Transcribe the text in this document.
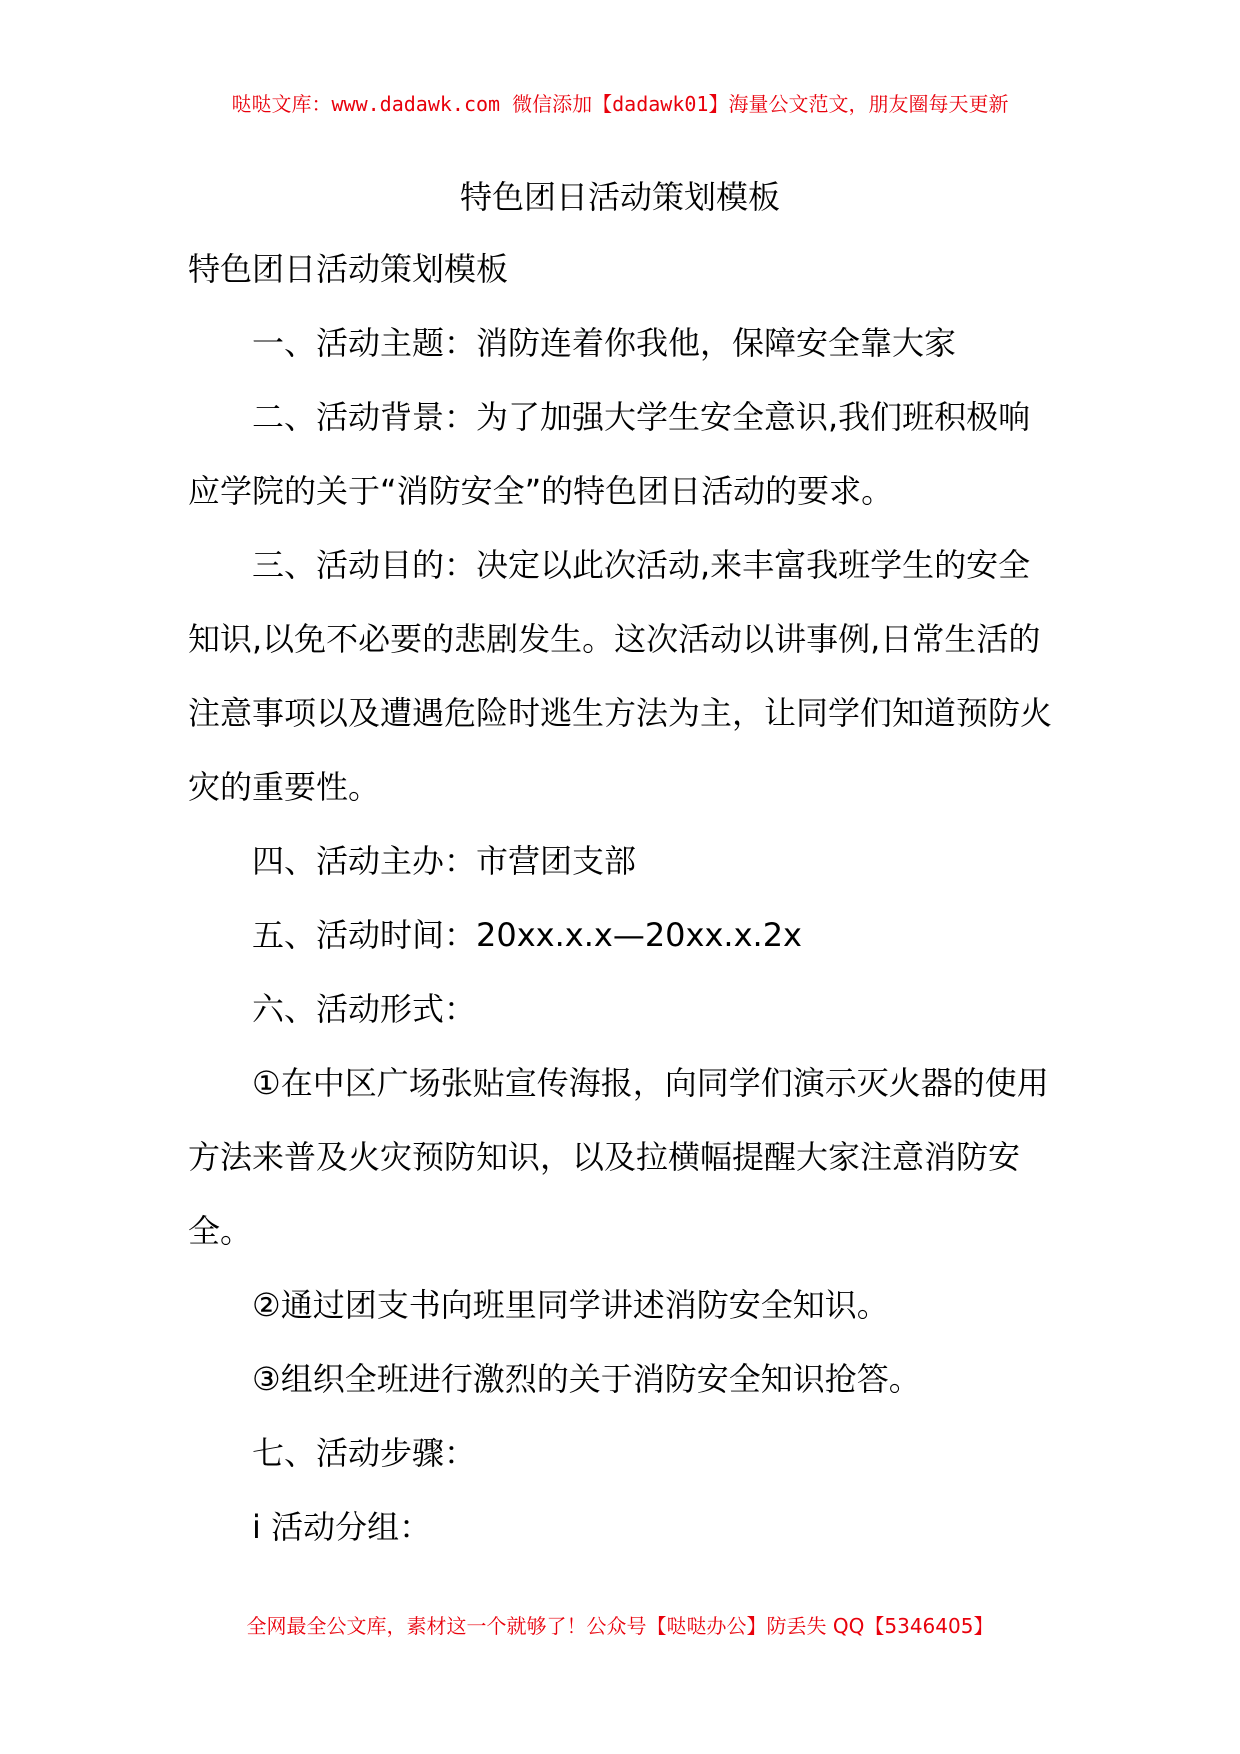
哒哒文库：www.dadawk.com 微信添加【dadawk01】海量公文范文，朋友圈每天更新
特色团日活动策划模板

特色团日活动策划模板

一、活动主题：消防连着你我他，保障安全靠大家

二、活动背景：为了加强大学生安全意识,我们班积极响应学院的关于“消防安全”的特色团日活动的要求。

三、活动目的：决定以此次活动,来丰富我班学生的安全知识,以免不必要的悲剧发生。这次活动以讲事例,日常生活的注意事项以及遭遇危险时逃生方法为主，让同学们知道预防火灾的重要性。

四、活动主办：市营团支部

五、活动时间：20xx.x.x—20xx.x.2x

六、活动形式：

①在中区广场张贴宣传海报，向同学们演示灭火器的使用方法来普及火灾预防知识，以及拉横幅提醒大家注意消防安全。

②通过团支书向班里同学讲述消防安全知识。

③组织全班进行激烈的关于消防安全知识抢答。

七、活动步骤：

i 活动分组：

全网最全公文库，素材这一个就够了！公众号【哒哒办公】防丢失 QQ【5346405】
